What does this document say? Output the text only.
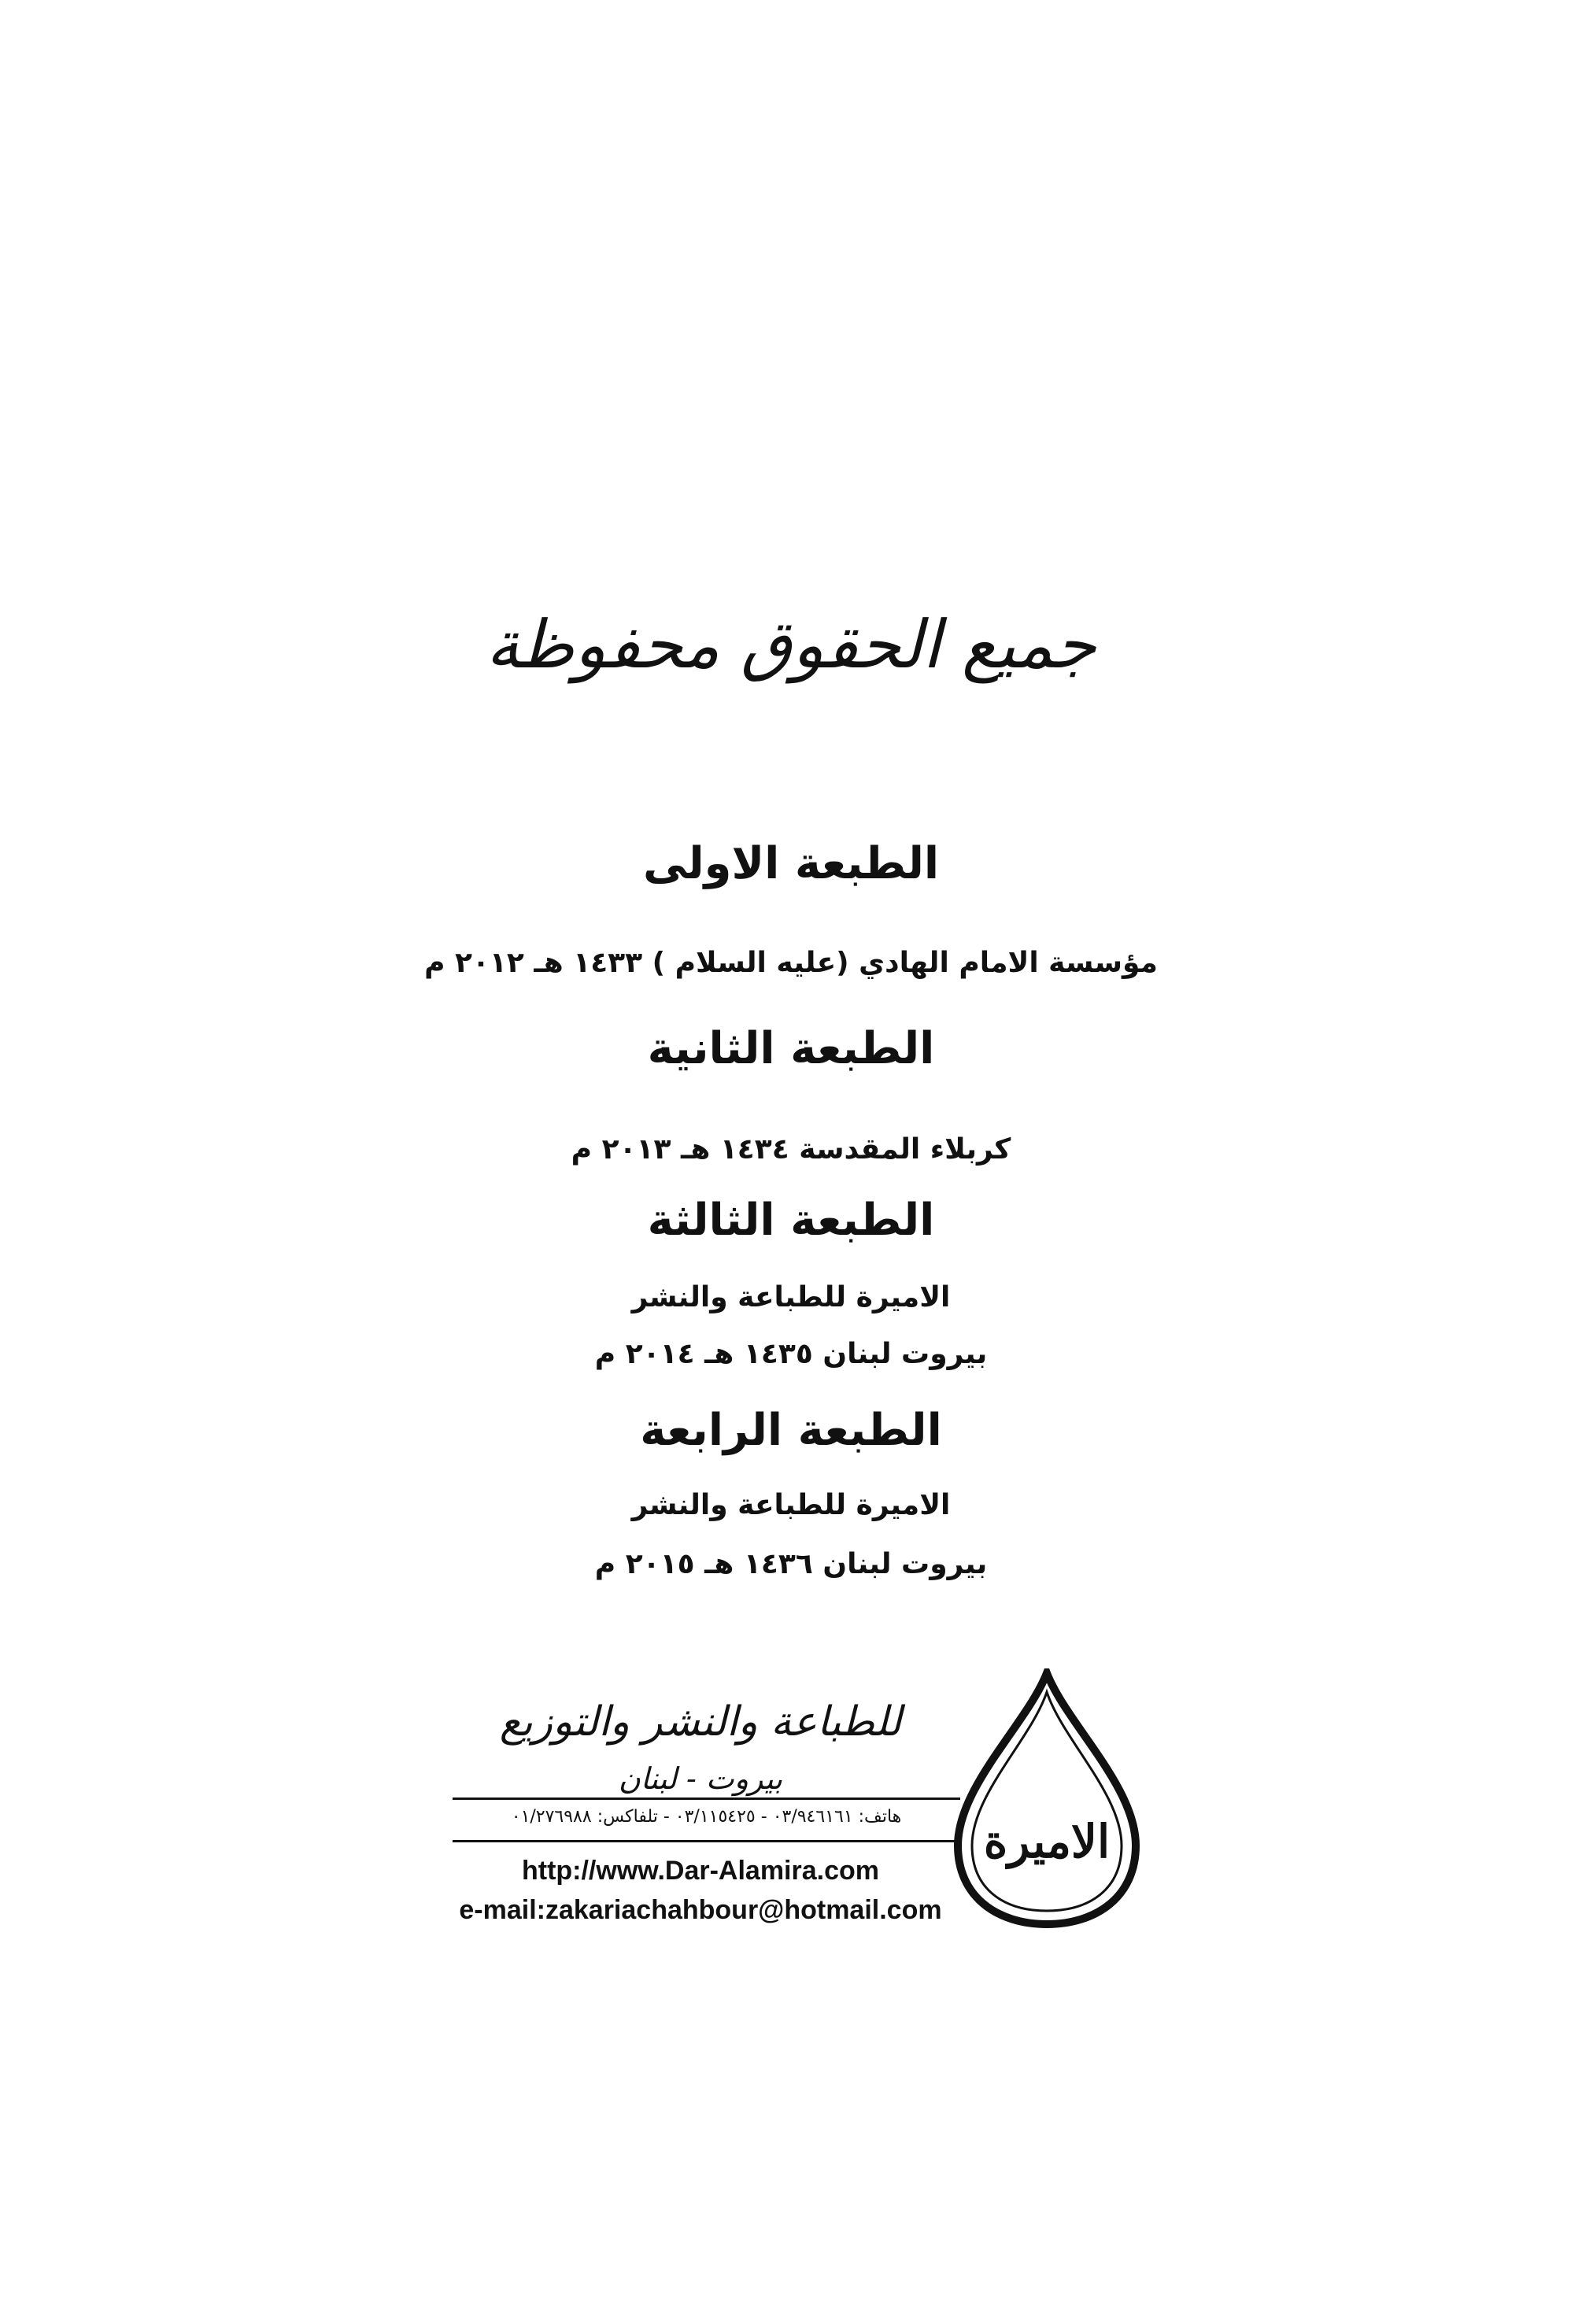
جميع الحقوق محفوظة
الطبعة الاولى
مؤسسة الامام الهادي (عليه السلام ) ١٤٣٣ هـ ٢٠١٢ م
الطبعة الثانية
كربلاء المقدسة ١٤٣٤ هـ ٢٠١٣ م
الطبعة الثالثة
الاميرة للطباعة والنشر
بيروت لبنان ١٤٣٥ هـ ٢٠١٤ م
الطبعة الرابعة
الاميرة للطباعة والنشر
بيروت لبنان ١٤٣٦ هـ ٢٠١٥ م
للطباعة والنشر والتوزيع
بيروت - لبنان
هاتف: ٠٣/٩٤٦١٦١ - ٠٣/١١٥٤٢٥ - تلفاكس: ٠١/٢٧٦٩٨٨
http://www.Dar-Alamira.com
e-mail:zakariachahbour@hotmail.com
الاميرة
